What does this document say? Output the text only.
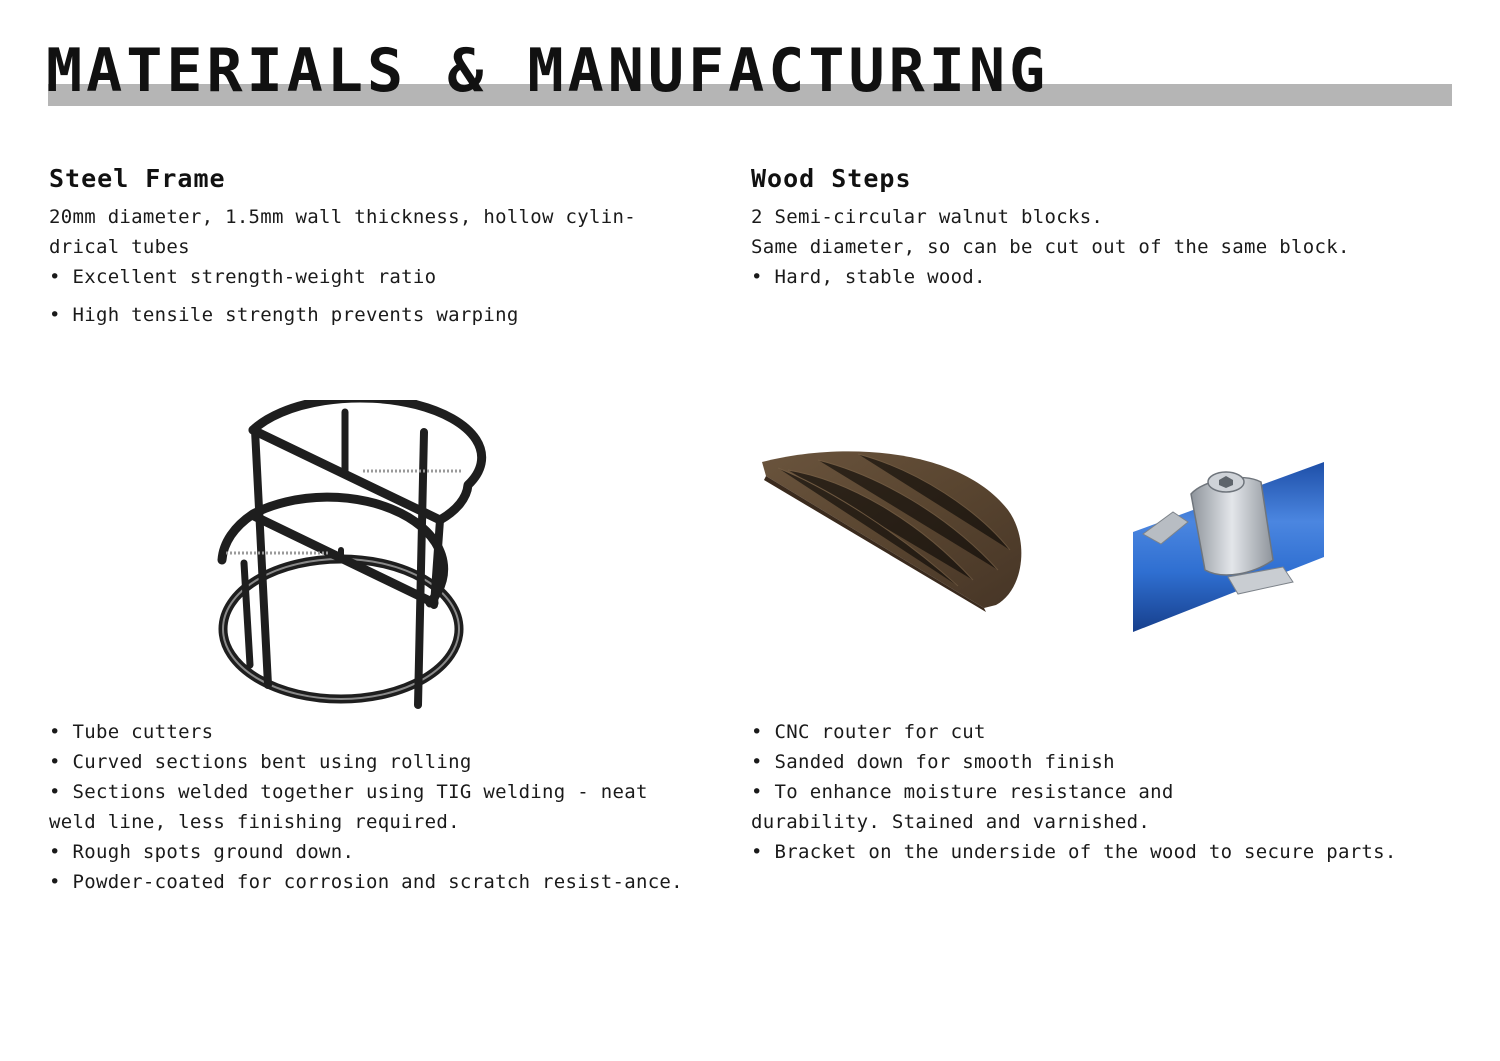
MATERIALS & MANUFACTURING
Steel Frame

20mm diameter, 1.5mm wall thickness, hollow cylin-drical tubes

• Excellent strength-weight ratio
• High tensile strength prevents warping
Wood Steps

2 Semi-circular walnut blocks.

Same diameter, so can be cut out of the same block.

• Hard, stable wood.
• Tube cutters
• Curved sections bent using rolling
• Sections welded together using TIG welding - neat weld line, less finishing required.
• Rough spots ground down.
• Powder-coated for corrosion and scratch resist-ance.
• CNC router for cut
• Sanded down for smooth finish
• To enhance moisture resistance and durability. Stained and varnished.
• Bracket on the underside of the wood to secure parts.
